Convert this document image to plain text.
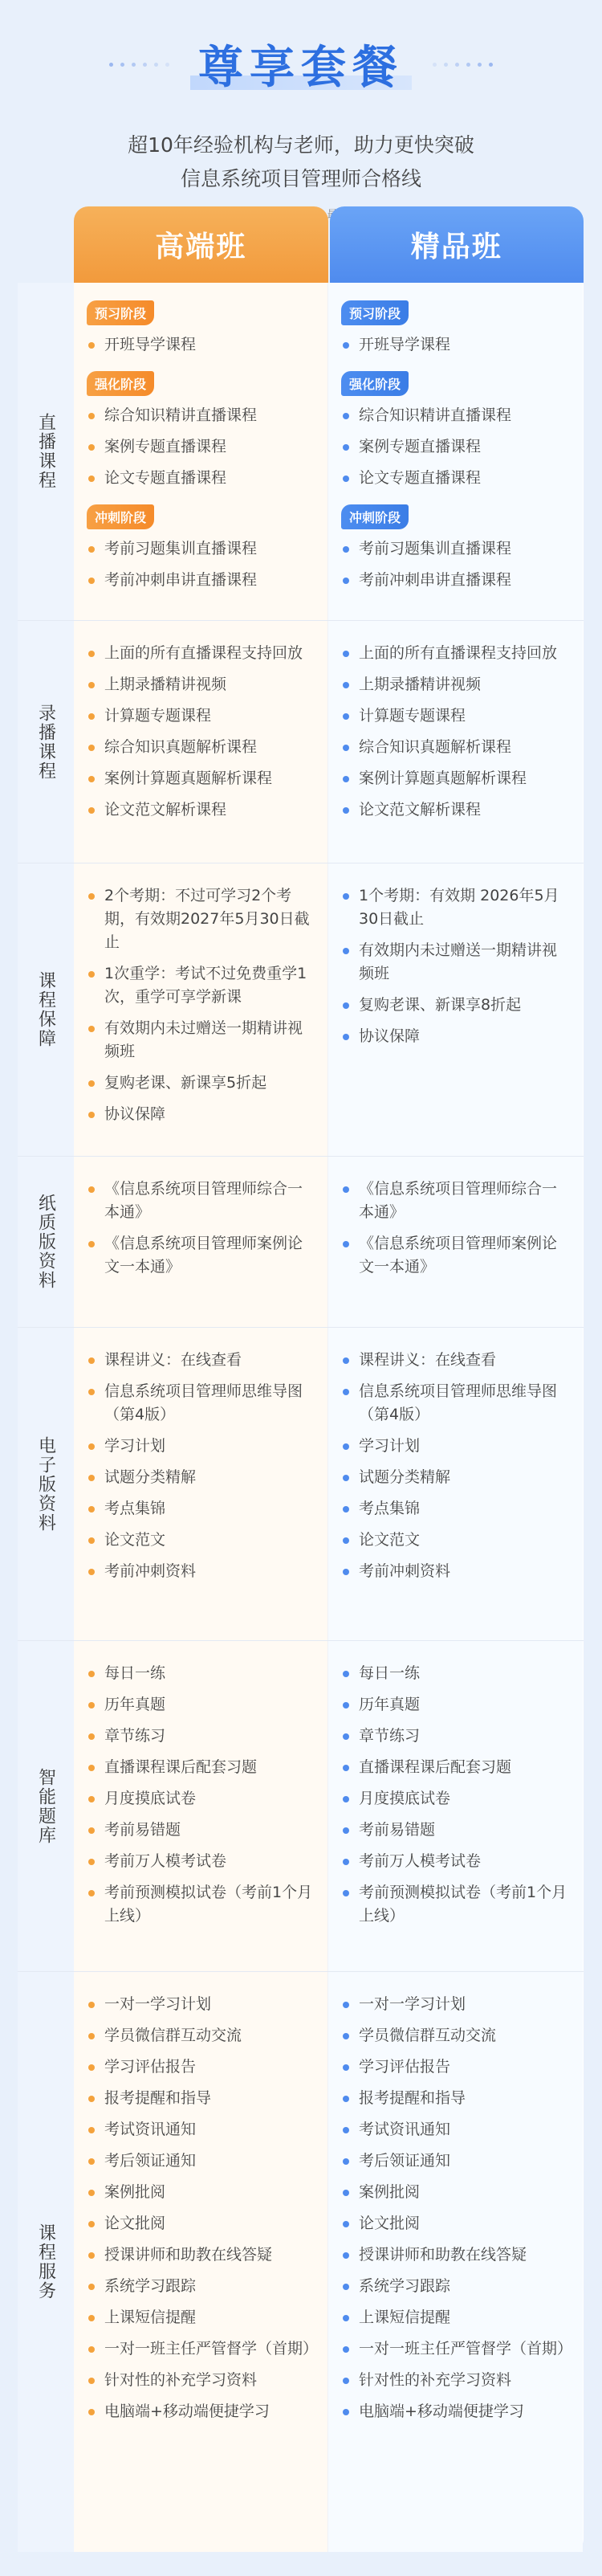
尊享套餐
超10年经验机构与老师，助力更快突破
信息系统项目管理师合格线
高端班	精品班
直播课程
预习阶段
开班导学课程
强化阶段
综合知识精讲直播课程
案例专题直播课程
论文专题直播课程
冲刺阶段
考前习题集训直播课程
考前冲刺串讲直播课程
预习阶段
开班导学课程
强化阶段
综合知识精讲直播课程
案例专题直播课程
论文专题直播课程
冲刺阶段
考前习题集训直播课程
考前冲刺串讲直播课程
录播课程
上面的所有直播课程支持回放
上期录播精讲视频
计算题专题课程
综合知识真题解析课程
案例计算题真题解析课程
论文范文解析课程
上面的所有直播课程支持回放
上期录播精讲视频
计算题专题课程
综合知识真题解析课程
案例计算题真题解析课程
论文范文解析课程
课程保障
2个考期：不过可学习2个考期，有效期2027年5月30日截止
1次重学：考试不过免费重学1次，重学可享学新课
有效期内未过赠送一期精讲视频班
复购老课、新课享5折起
协议保障
1个考期：有效期 2026年5月30日截止
有效期内未过赠送一期精讲视频班
复购老课、新课享8折起
协议保障
纸质版资料
《信息系统项目管理师综合一本通》
《信息系统项目管理师案例论文一本通》
《信息系统项目管理师综合一本通》
《信息系统项目管理师案例论文一本通》
电子版资料
课程讲义：在线查看
信息系统项目管理师思维导图（第4版）
学习计划
试题分类精解
考点集锦
论文范文
考前冲刺资料
课程讲义：在线查看
信息系统项目管理师思维导图（第4版）
学习计划
试题分类精解
考点集锦
论文范文
考前冲刺资料
智能题库
每日一练
历年真题
章节练习
直播课程课后配套习题
月度摸底试卷
考前易错题
考前万人模考试卷
考前预测模拟试卷（考前1个月上线）
每日一练
历年真题
章节练习
直播课程课后配套习题
月度摸底试卷
考前易错题
考前万人模考试卷
考前预测模拟试卷（考前1个月上线）
课程服务
一对一学习计划
学员微信群互动交流
学习评估报告
报考提醒和指导
考试资讯通知
考后领证通知
案例批阅
论文批阅
授课讲师和助教在线答疑
系统学习跟踪
上课短信提醒
一对一班主任严管督学（首期）
针对性的补充学习资料
电脑端+移动端便捷学习
一对一学习计划
学员微信群互动交流
学习评估报告
报考提醒和指导
考试资讯通知
考后领证通知
案例批阅
论文批阅
授课讲师和助教在线答疑
系统学习跟踪
上课短信提醒
一对一班主任严管督学（首期）
针对性的补充学习资料
电脑端+移动端便捷学习
